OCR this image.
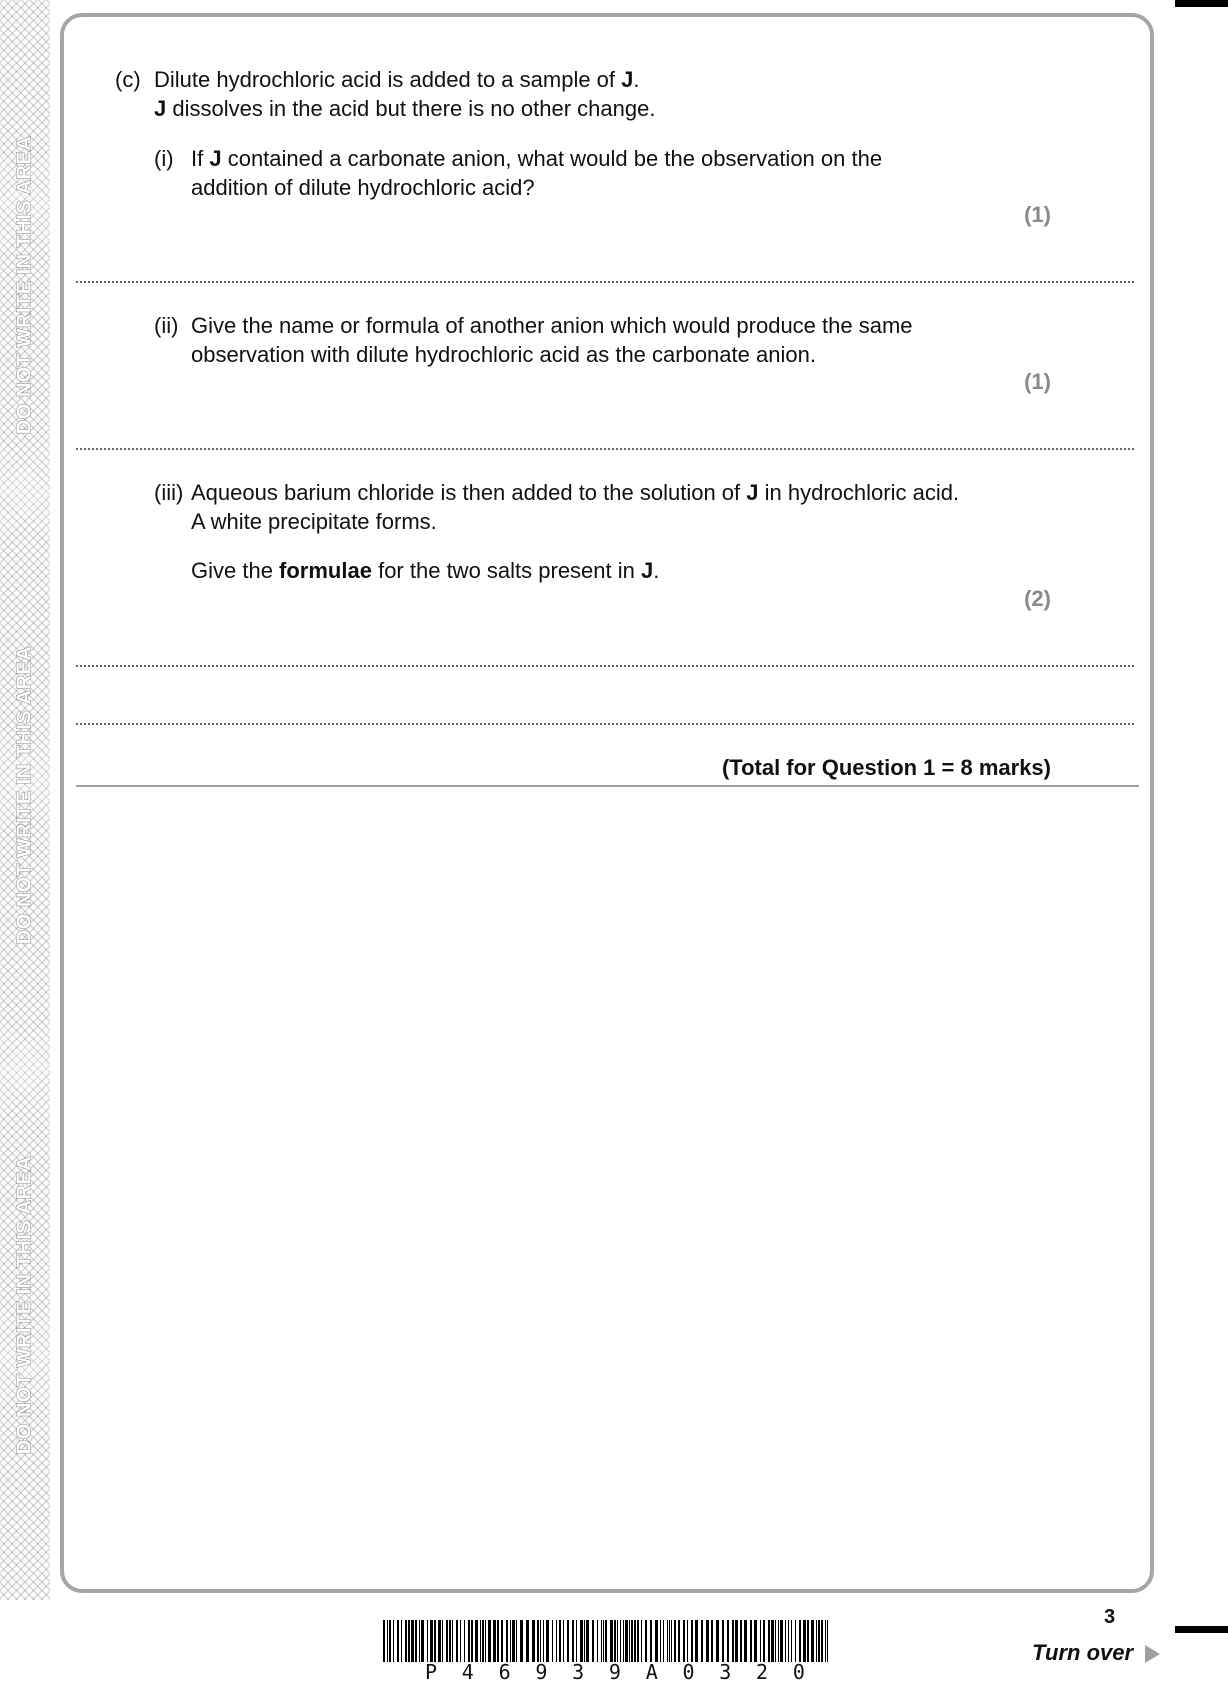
DO NOT WRITE IN THIS AREA
DO NOT WRITE IN THIS AREA
DO NOT WRITE IN THIS AREA
(c) Dilute hydrochloric acid is added to a sample of J.
J dissolves in the acid but there is no other change.
(i) If J contained a carbonate anion, what would be the observation on the
addition of dilute hydrochloric acid?
(1)
(ii) Give the name or formula of another anion which would produce the same
observation with dilute hydrochloric acid as the carbonate anion.
(1)
(iii) Aqueous barium chloride is then added to the solution of J in hydrochloric acid.
A white precipitate forms.
Give the formulae for the two salts present in J.
(2)
(Total for Question 1 = 8 marks)
3
Turn over
P 4 6 9 3 9 A 0 3 2 0
